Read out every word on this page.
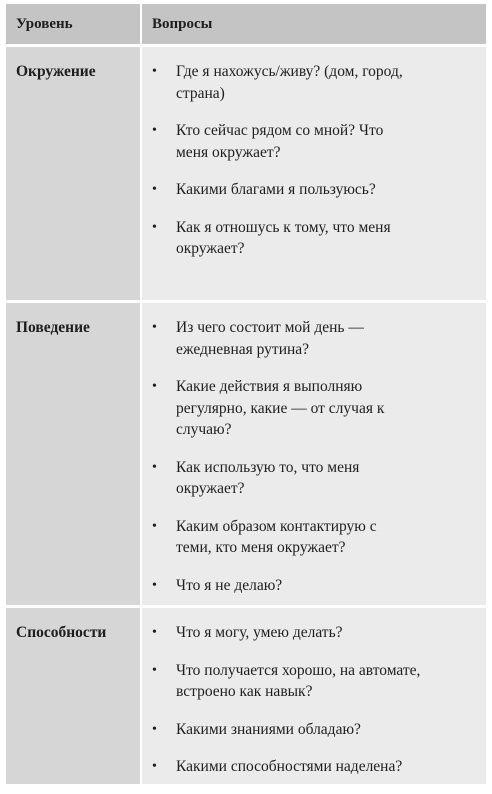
Уровень	Вопросы
Окружение	• Где я нахожусь/живу? (дом, город, страна)
• Кто сейчас рядом со мной? Что меня окружает?
• Какими благами я пользуюсь?
• Как я отношусь к тому, что меня окружает?
Поведение	• Из чего состоит мой день — ежедневная рутина?
• Какие действия я выполняю регулярно, какие — от случая к случаю?
• Как использую то, что меня окружает?
• Каким образом контактирую с теми, кто меня окружает?
• Что я не делаю?
Способности	• Что я могу, умею делать?
• Что получается хорошо, на автомате, встроено как навык?
• Какими знаниями обладаю?
• Какими способностями наделена?
